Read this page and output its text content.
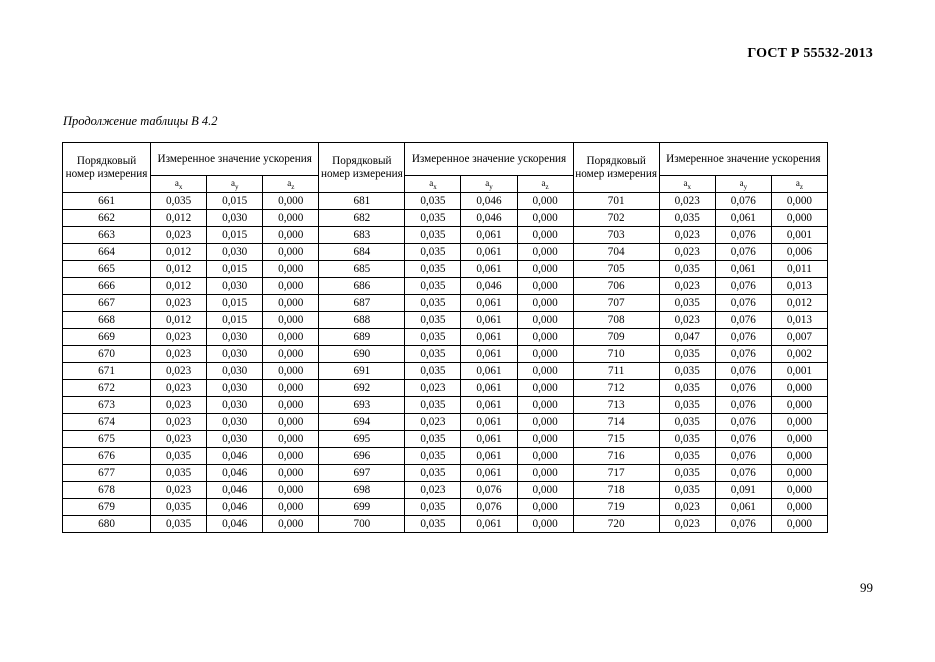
ГОСТ Р 55532-2013
Продолжение таблицы В 4.2
Порядковый номер измерения	Измеренное значение ускорения			Порядковый номер измерения	Измеренное значение ускорения			Порядковый номер измерения	Измеренное значение ускорения		
	$a_x$	$a_y$	$a_z$		$a_x$	$a_y$	$a_z$		$a_x$	$a_y$	$a_z$
661	0,035	0,015	0,000	681	0,035	0,046	0,000	701	0,023	0,076	0,000
662	0,012	0,030	0,000	682	0,035	0,046	0,000	702	0,035	0,061	0,000
663	0,023	0,015	0,000	683	0,035	0,061	0,000	703	0,023	0,076	0,001
664	0,012	0,030	0,000	684	0,035	0,061	0,000	704	0,023	0,076	0,006
665	0,012	0,015	0,000	685	0,035	0,061	0,000	705	0,035	0,061	0,011
666	0,012	0,030	0,000	686	0,035	0,046	0,000	706	0,023	0,076	0,013
667	0,023	0,015	0,000	687	0,035	0,061	0,000	707	0,035	0,076	0,012
668	0,012	0,015	0,000	688	0,035	0,061	0,000	708	0,023	0,076	0,013
669	0,023	0,030	0,000	689	0,035	0,061	0,000	709	0,047	0,076	0,007
670	0,023	0,030	0,000	690	0,035	0,061	0,000	710	0,035	0,076	0,002
671	0,023	0,030	0,000	691	0,035	0,061	0,000	711	0,035	0,076	0,001
672	0,023	0,030	0,000	692	0,023	0,061	0,000	712	0,035	0,076	0,000
673	0,023	0,030	0,000	693	0,035	0,061	0,000	713	0,035	0,076	0,000
674	0,023	0,030	0,000	694	0,023	0,061	0,000	714	0,035	0,076	0,000
675	0,023	0,030	0,000	695	0,035	0,061	0,000	715	0,035	0,076	0,000
676	0,035	0,046	0,000	696	0,035	0,061	0,000	716	0,035	0,076	0,000
677	0,035	0,046	0,000	697	0,035	0,061	0,000	717	0,035	0,076	0,000
678	0,023	0,046	0,000	698	0,023	0,076	0,000	718	0,035	0,091	0,000
679	0,035	0,046	0,000	699	0,035	0,076	0,000	719	0,023	0,061	0,000
680	0,035	0,046	0,000	700	0,035	0,061	0,000	720	0,023	0,076	0,000
99
